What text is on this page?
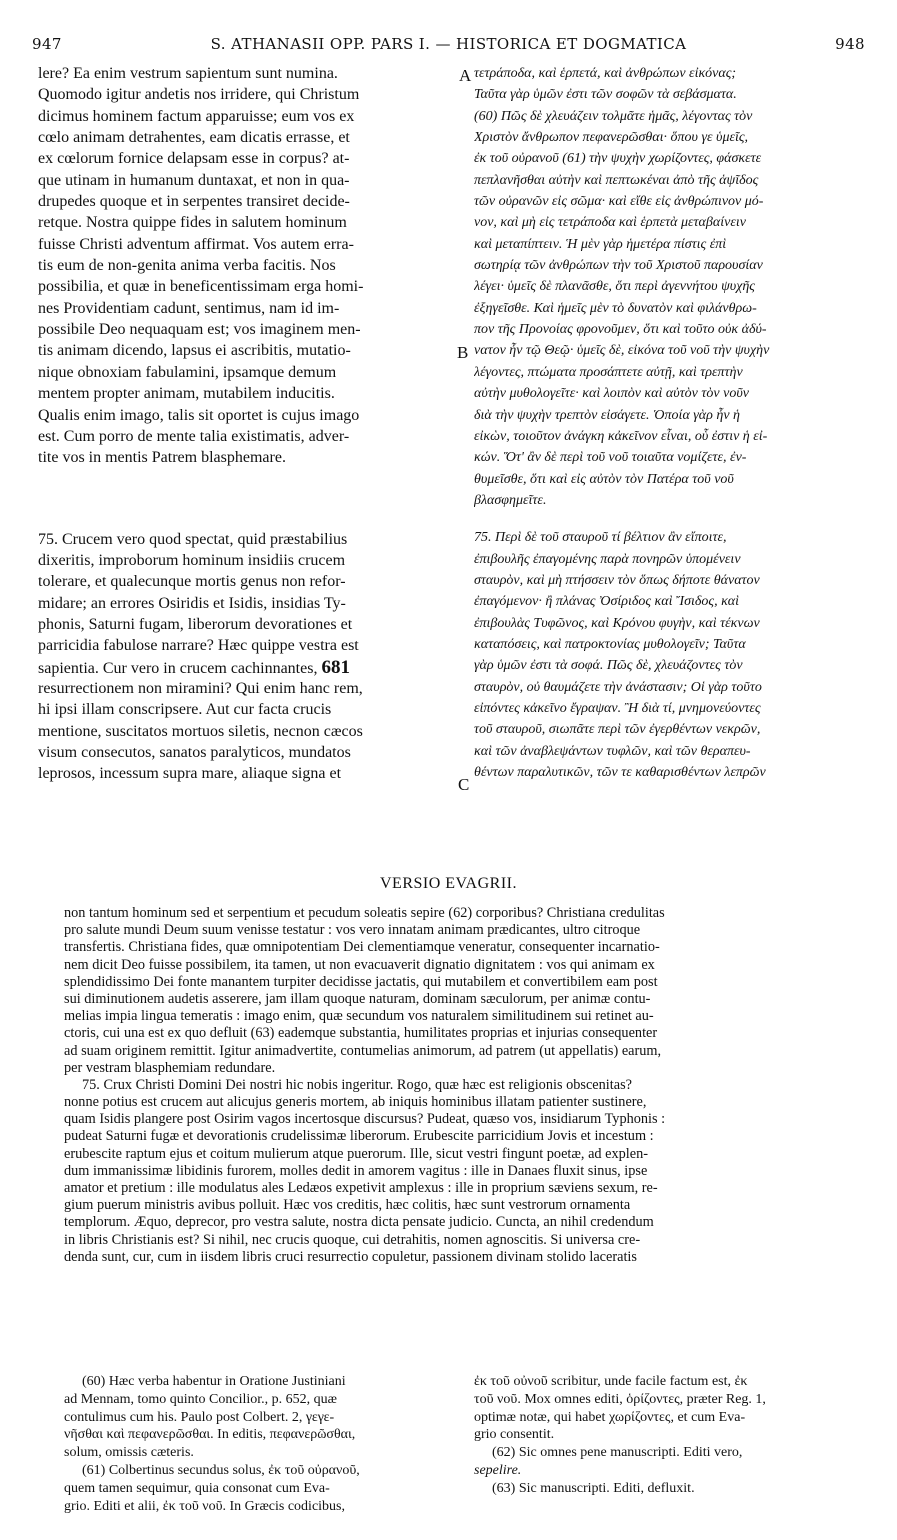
947	S. ATHANASII OPP. PARS I. — HISTORICA ET DOGMATICA	948
lere? Ea enim vestrum sapientum sunt numina.
Quomodo igitur andetis nos irridere, qui Christum
dicimus hominem factum apparuisse; eum vos ex
cœlo animam detrahentes, eam dicatis errasse, et
ex cœlorum fornice delapsam esse in corpus? at-
que utinam in humanum duntaxat, et non in qua-
drupedes quoque et in serpentes transiret decide-
retque. Nostra quippe fides in salutem hominum
fuisse Christi adventum affirmat. Vos autem erra-
tis eum de non-genita anima verba facitis. Nos
possibilia, et quæ in beneficentissimam erga homi-
nes Providentiam cadunt, sentimus, nam id im-
possibile Deo nequaquam est; vos imaginem men-
tis animam dicendo, lapsus ei ascribitis, mutatio-
nique obnoxiam fabulamini, ipsamque demum
mentem propter animam, mutabilem inducitis.
Qualis enim imago, talis sit oportet is cujus imago
est. Cum porro de mente talia existimatis, adver-
tite vos in mentis Patrem blasphemare.
75. Crucem vero quod spectat, quid præstabilius
dixeritis, improborum hominum insidiis crucem
tolerare, et qualecunque mortis genus non refor-
midare; an errores Osiridis et Isidis, insidias Ty-
phonis, Saturni fugam, liberorum devorationes et
parricidia fabulose narrare? Hæc quippe vestra est
sapientia. Cur vero in crucem cachinnantes, 681
resurrectionem non miramini? Qui enim hanc rem,
hi ipsi illam conscripsere. Aut cur facta crucis
mentione, suscitatos mortuos siletis, necnon cæcos
visum consecutos, sanatos paralyticos, mundatos
leprosos, incessum supra mare, aliaque signa et
A
B
C
τετράποδα, καὶ ἑρπετά, καὶ ἀνθρώπων εἰκόνας;
Ταῦτα γὰρ ὑμῶν ἐστι τῶν σοφῶν τὰ σεβάσματα.
(60) Πῶς δὲ χλευάζειν τολμᾶτε ἡμᾶς, λέγοντας τὸν
Χριστὸν ἄνθρωπον πεφανερῶσθαι· ὅπου γε ὑμεῖς,
ἐκ τοῦ οὐρανοῦ (61) τὴν ψυχὴν χωρίζοντες, φάσκετε
πεπλανῆσθαι αὐτὴν καὶ πεπτωκέναι ἀπὸ τῆς ἁψῖδος
τῶν οὐρανῶν εἰς σῶμα· καὶ εἴθε εἰς ἀνθρώπινον μό-
νον, καὶ μὴ εἰς τετράποδα καὶ ἑρπετὰ μεταβαίνειν
καὶ μεταπίπτειν. Ἡ μὲν γὰρ ἡμετέρα πίστις ἐπὶ
σωτηρίᾳ τῶν ἀνθρώπων τὴν τοῦ Χριστοῦ παρουσίαν
λέγει· ὑμεῖς δὲ πλανᾶσθε, ὅτι περὶ ἀγεννήτου ψυχῆς
ἐξηγεῖσθε. Καὶ ἡμεῖς μὲν τὸ δυνατὸν καὶ φιλάνθρω-
πον τῆς Προνοίας φρονοῦμεν, ὅτι καὶ τοῦτο οὐκ ἀδύ-
νατον ἦν τῷ Θεῷ· ὑμεῖς δὲ, εἰκόνα τοῦ νοῦ τὴν ψυχὴν
λέγοντες, πτώματα προσάπτετε αὐτῇ, καὶ τρεπτὴν
αὐτὴν μυθολογεῖτε· καὶ λοιπὸν καὶ αὐτὸν τὸν νοῦν
διὰ τὴν ψυχὴν τρεπτὸν εἰσάγετε. Ὁποία γὰρ ἦν ἡ
εἰκὼν, τοιοῦτον ἀνάγκη κἀκεῖνον εἶναι, οὗ ἐστιν ἡ εἰ-
κών. Ὅτ' ἂν δὲ περὶ τοῦ νοῦ τοιαῦτα νομίζετε, ἐν-
θυμεῖσθε, ὅτι καὶ εἰς αὐτὸν τὸν Πατέρα τοῦ νοῦ
βλασφημεῖτε.
75. Περὶ δὲ τοῦ σταυροῦ τί βέλτιον ἂν εἴποιτε,
ἐπιβουλῆς ἐπαγομένης παρὰ πονηρῶν ὑπομένειν
σταυρὸν, καὶ μὴ πτήσσειν τὸν ὅπως δήποτε θάνατον
ἐπαγόμενον· ἢ πλάνας Ὀσίριδος καὶ Ἴσιδος, καὶ
ἐπιβουλὰς Τυφῶνος, καὶ Κρόνου φυγὴν, καὶ τέκνων
καταπόσεις, καὶ πατροκτονίας μυθολογεῖν; Ταῦτα
γὰρ ὑμῶν ἐστι τὰ σοφά. Πῶς δὲ, χλευάζοντες τὸν
σταυρὸν, οὐ θαυμάζετε τὴν ἀνάστασιν; Οἱ γὰρ τοῦτο
εἰπόντες κἀκεῖνο ἔγραψαν. Ἢ διὰ τί, μνημονεύοντες
τοῦ σταυροῦ, σιωπᾶτε περὶ τῶν ἐγερθέντων νεκρῶν,
καὶ τῶν ἀναβλεψάντων τυφλῶν, καὶ τῶν θεραπευ-
θέντων παραλυτικῶν, τῶν τε καθαρισθέντων λεπρῶν
VERSIO EVAGRII.
non tantum hominum sed et serpentium et pecudum soleatis sepire (62) corporibus? Christiana credulitas
pro salute mundi Deum suum venisse testatur : vos vero innatam animam prædicantes, ultro citroque
transfertis. Christiana fides, quæ omnipotentiam Dei clementiamque veneratur, consequenter incarnatio-
nem dicit Deo fuisse possibilem, ita tamen, ut non evacuaverit dignatio dignitatem : vos qui animam ex
splendidissimo Dei fonte manantem turpiter decidisse jactatis, qui mutabilem et convertibilem eam post
sui diminutionem audetis asserere, jam illam quoque naturam, dominam sæculorum, per animæ contu-
melias impia lingua temeratis : imago enim, quæ secundum vos naturalem similitudinem sui retinet au-
ctoris, cui una est ex quo defluit (63) eademque substantia, humilitates proprias et injurias consequenter
ad suam originem remittit. Igitur animadvertite, contumelias animorum, ad patrem (ut appellatis) earum,
per vestram blasphemiam redundare.
75. Crux Christi Domini Dei nostri hic nobis ingeritur. Rogo, quæ hæc est religionis obscenitas?
nonne potius est crucem aut alicujus generis mortem, ab iniquis hominibus illatam patienter sustinere,
quam Isidis plangere post Osirim vagos incertosque discursus? Pudeat, quæso vos, insidiarum Typhonis :
pudeat Saturni fugæ et devorationis crudelissimæ liberorum. Erubescite parricidium Jovis et incestum :
erubescite raptum ejus et coitum mulierum atque puerorum. Ille, sicut vestri fingunt poetæ, ad explen-
dum immanissimæ libidinis furorem, molles dedit in amorem vagitus : ille in Danaes fluxit sinus, ipse
amator et pretium : ille modulatus ales Ledæos expetivit amplexus : ille in proprium sæviens sexum, re-
gium puerum ministris avibus polluit. Hæc vos creditis, hæc colitis, hæc sunt vestrorum ornamenta
templorum. Æquo, deprecor, pro vestra salute, nostra dicta pensate judicio. Cuncta, an nihil credendum
in libris Christianis est? Si nihil, nec crucis quoque, cui detrahitis, nomen agnoscitis. Si universa cre-
denda sunt, cur, cum in iisdem libris cruci resurrectio copuletur, passionem divinam stolido laceratis
(60) Hæc verba habentur in Oratione Justiniani
ad Mennam, tomo quinto Concilior., p. 652, quæ
contulimus cum his. Paulo post Colbert. 2, γεγε-
νῆσθαι καὶ πεφανερῶσθαι. In editis, πεφανερῶσθαι,
solum, omissis cæteris.
(61) Colbertinus secundus solus, ἐκ τοῦ οὐρανοῦ,
quem tamen sequimur, quia consonat cum Eva-
grio. Editi et alii, ἐκ τοῦ νοῦ. In Græcis codicibus,
ἐκ τοῦ οὐνοῦ scribitur, unde facile factum est, ἐκ
τοῦ νοῦ. Mox omnes editi, ὁρίζοντες, præter Reg. 1,
optimæ notæ, qui habet χωρίζοντες, et cum Eva-
grio consentit.
(62) Sic omnes pene manuscripti. Editi vero,
sepelire.
(63) Sic manuscripti. Editi, defluxit.
